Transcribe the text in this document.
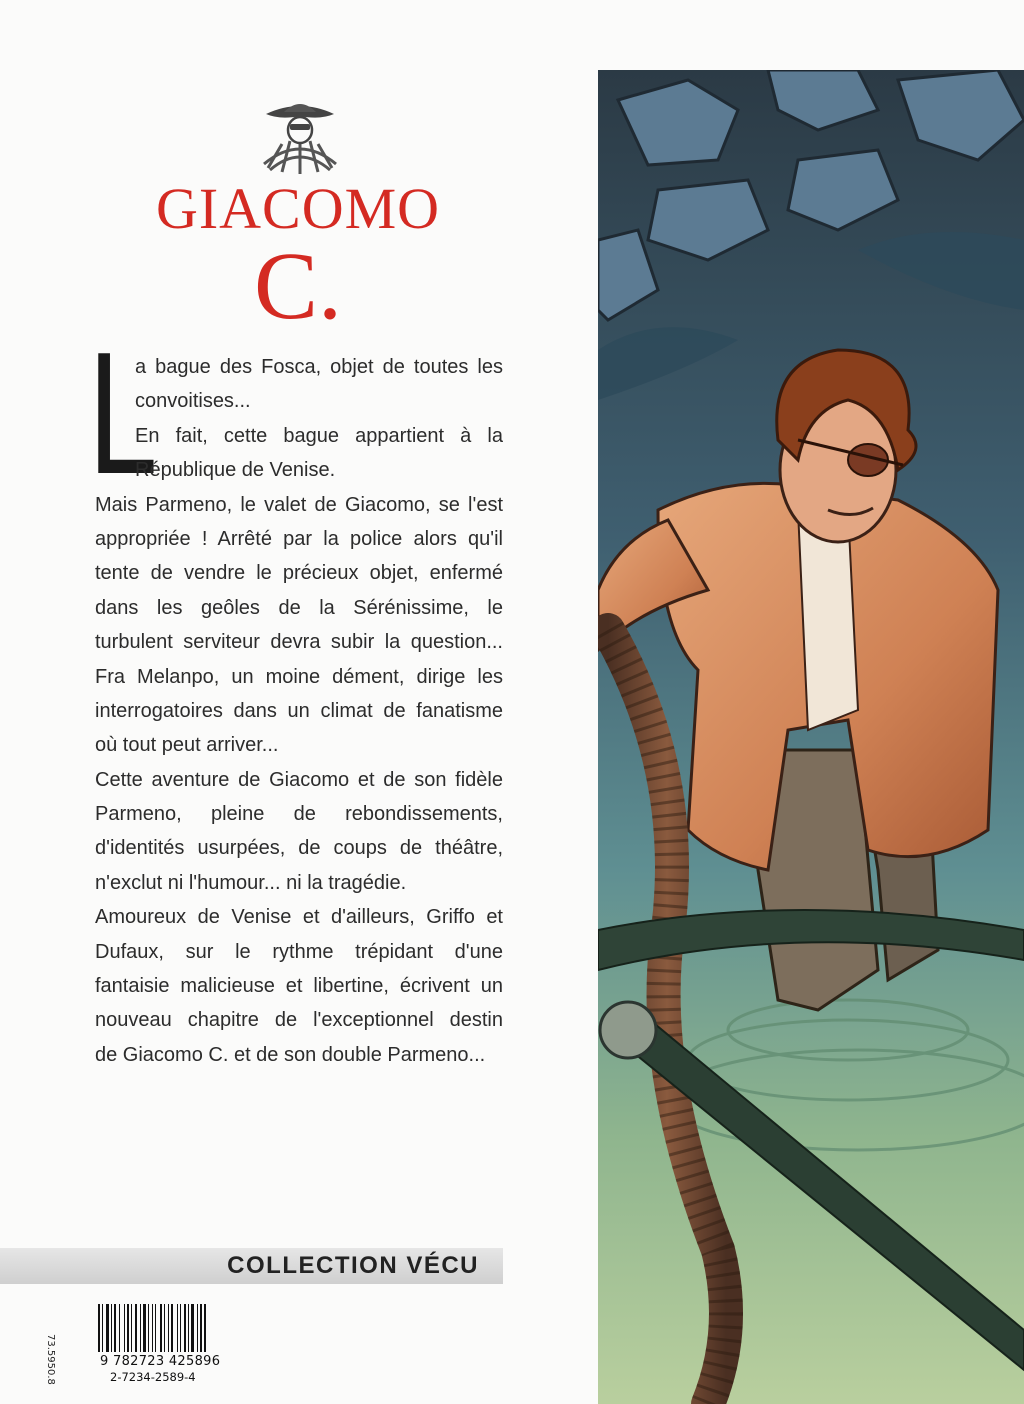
GIACOMO
C.
L
a bague des Fosca, objet de toutes les
convoitises...
En fait, cette bague appartient à la
République de Venise.
Mais Parmeno, le valet de Giacomo, se l'est
appropriée ! Arrêté par la police alors qu'il
tente de vendre le précieux objet, enfermé
dans les geôles de la Sérénissime, le
turbulent serviteur devra subir la question...
Fra Melanpo, un moine dément, dirige les
interrogatoires dans un climat de fanatisme
où tout peut arriver...
Cette aventure de Giacomo et de son fidèle
Parmeno, pleine de rebondissements,
d'identités usurpées, de coups de théâtre,
n'exclut ni l'humour... ni la tragédie.
Amoureux de Venise et d'ailleurs, Griffo et
Dufaux, sur le rythme trépidant d'une
fantaisie malicieuse et libertine, écrivent un
nouveau chapitre de l'exceptionnel destin
de Giacomo C. et de son double Parmeno...
COLLECTION VÉCU
73.5950.8	9 782723 425896
2-7234-2589-4
